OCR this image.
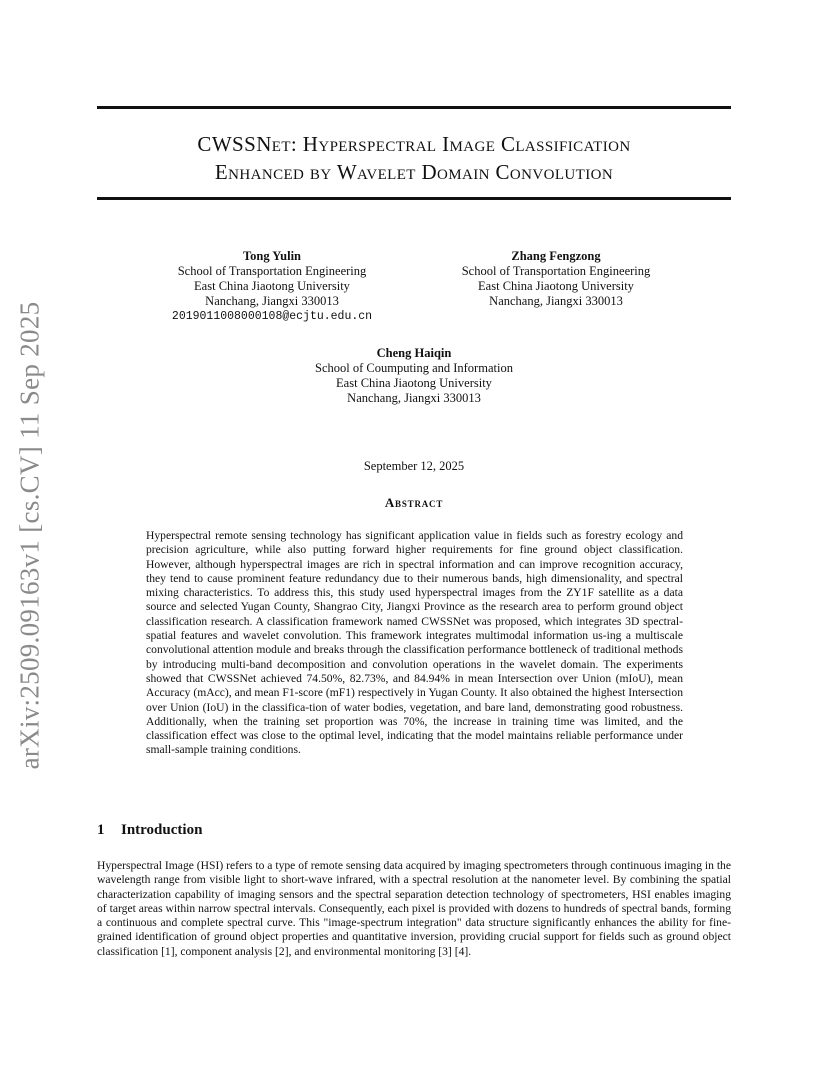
arXiv:2509.09163v1 [cs.CV] 11 Sep 2025
CWSSNet: Hyperspectral Image Classification
Enhanced by Wavelet Domain Convolution
Tong Yulin
School of Transportation Engineering
East China Jiaotong University
Nanchang, Jiangxi 330013
2019011008000108@ecjtu.edu.cn
Zhang Fengzong
School of Transportation Engineering
East China Jiaotong University
Nanchang, Jiangxi 330013
Cheng Haiqin
School of Coumputing and Information
East China Jiaotong University
Nanchang, Jiangxi 330013
September 12, 2025
Abstract
Hyperspectral remote sensing technology has significant application value in fields such as forestry ecology and precision agriculture, while also putting forward higher requirements for fine ground object classification. However, although hyperspectral images are rich in spectral information and can improve recognition accuracy, they tend to cause prominent feature redundancy due to their numerous bands, high dimensionality, and spectral mixing characteristics. To address this, this study used hyperspectral images from the ZY1F satellite as a data source and selected Yugan County, Shangrao City, Jiangxi Province as the research area to perform ground object classification research. A classification framework named CWSSNet was proposed, which integrates 3D spectral-spatial features and wavelet convolution. This framework integrates multimodal information us-ing a multiscale convolutional attention module and breaks through the classification performance bottleneck of traditional methods by introducing multi-band decomposition and convolution operations in the wavelet domain. The experiments showed that CWSSNet achieved 74.50%, 82.73%, and 84.94% in mean Intersection over Union (mIoU), mean Accuracy (mAcc), and mean F1-score (mF1) respectively in Yugan County. It also obtained the highest Intersection over Union (IoU) in the classifica-tion of water bodies, vegetation, and bare land, demonstrating good robustness. Additionally, when the training set proportion was 70%, the increase in training time was limited, and the classification effect was close to the optimal level, indicating that the model maintains reliable performance under small-sample training conditions.
1 Introduction
Hyperspectral Image (HSI) refers to a type of remote sensing data acquired by imaging spectrometers through continuous imaging in the wavelength range from visible light to short-wave infrared, with a spectral resolution at the nanometer level. By combining the spatial characterization capability of imaging sensors and the spectral separation detection technology of spectrometers, HSI enables imaging of target areas within narrow spectral intervals. Consequently, each pixel is provided with dozens to hundreds of spectral bands, forming a continuous and complete spectral curve. This "image-spectrum integration" data structure significantly enhances the ability for fine-grained identification of ground object properties and quantitative inversion, providing crucial support for fields such as ground object classification [1], component analysis [2], and environmental monitoring [3] [4].
